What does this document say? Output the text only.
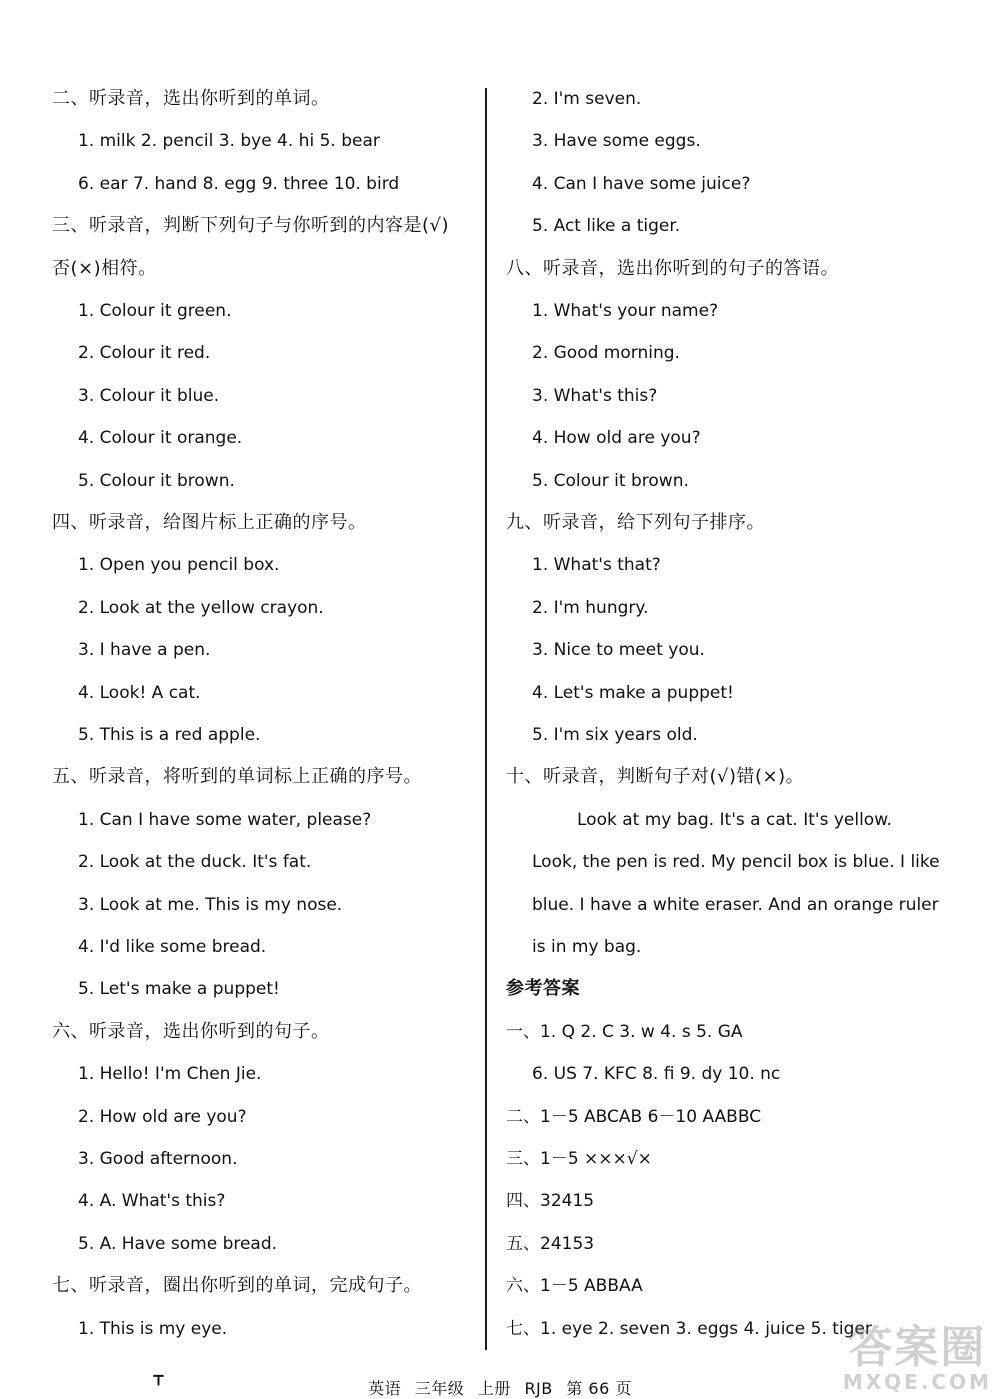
二、听录音，选出你听到的单词。
1. milk 2. pencil 3. bye 4. hi 5. bear
6. ear 7. hand 8. egg 9. three 10. bird
三、听录音，判断下列句子与你听到的内容是(√)
否(×)相符。
1. Colour it green.
2. Colour it red.
3. Colour it blue.
4. Colour it orange.
5. Colour it brown.
四、听录音，给图片标上正确的序号。
1. Open you pencil box.
2. Look at the yellow crayon.
3. I have a pen.
4. Look! A cat.
5. This is a red apple.
五、听录音，将听到的单词标上正确的序号。
1. Can I have some water, please?
2. Look at the duck. It's fat.
3. Look at me. This is my nose.
4. I'd like some bread.
5. Let's make a puppet!
六、听录音，选出你听到的句子。
1. Hello! I'm Chen Jie.
2. How old are you?
3. Good afternoon.
4. A. What's this?
5. A. Have some bread.
七、听录音，圈出你听到的单词，完成句子。
1. This is my eye.
2. I'm seven.
3. Have some eggs.
4. Can I have some juice?
5. Act like a tiger.
八、听录音，选出你听到的句子的答语。
1. What's your name?
2. Good morning.
3. What's this?
4. How old are you?
5. Colour it brown.
九、听录音，给下列句子排序。
1. What's that?
2. I'm hungry.
3. Nice to meet you.
4. Let's make a puppet!
5. I'm six years old.
十、听录音，判断句子对(√)错(×)。
Look at my bag. It's a cat. It's yellow.
Look, the pen is red. My pencil box is blue. I like
blue. I have a white eraser. And an orange ruler
is in my bag.
参考答案
一、1. Q 2. C 3. w 4. s 5. GA
6. US 7. KFC 8. fi 9. dy 10. nc
二、1－5 ABCAB 6－10 AABBC
三、1－5 ×××√×
四、32415
五、24153
六、1－5 ABBAA
七、1. eye 2. seven 3. eggs 4. juice 5. tiger
⸆	英语 三年级 上册 RJB 第 66 页
答案圈
MXQE.COM
